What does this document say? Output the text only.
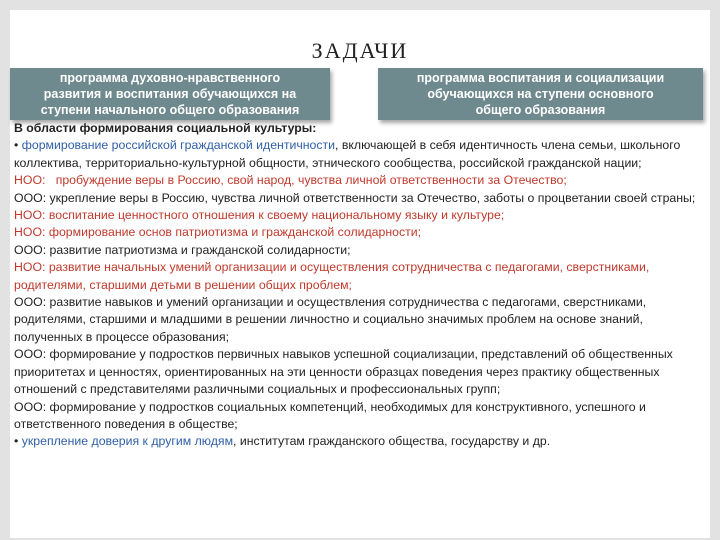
ЗАДАЧИ
программа духовно-нравственного
развития и воспитания обучающихся на
ступени начального общего образования
программа воспитания и социализации
обучающихся на ступени основного
общего образования
В области формирования социальной культуры:
• формирование российской гражданской идентичности, включающей в себя идентичность члена семьи, школьного коллектива, территориально-культурной общности, этнического сообщества, российской гражданской нации;
НОО:   пробуждение веры в Россию, свой народ, чувства личной ответственности за Отечество;
ООО: укрепление веры в Россию, чувства личной ответственности за Отечество, заботы о процветании своей страны;
НОО: воспитание ценностного отношения к своему национальному языку и культуре;
НОО: формирование основ патриотизма и гражданской солидарности;
ООО: развитие патриотизма и гражданской солидарности;
НОО: развитие начальных умений организации и осуществления сотрудничества с педагогами, сверстниками, родителями, старшими детьми в решении общих проблем;
ООО: развитие навыков и умений организации и осуществления сотрудничества с педагогами, сверстниками, родителями, старшими и младшими в решении личностно и социально значимых проблем на основе знаний, полученных в процессе образования;
ООО: формирование у подростков первичных навыков успешной социализации, представлений об общественных приоритетах и ценностях, ориентированных на эти ценности образцах поведения через практику общественных отношений с представителями различными социальных и профессиональных групп;
ООО: формирование у подростков социальных компетенций, необходимых для конструктивного, успешного и ответственного поведения в обществе;
• укрепление доверия к другим людям, институтам гражданского общества, государству и др.
